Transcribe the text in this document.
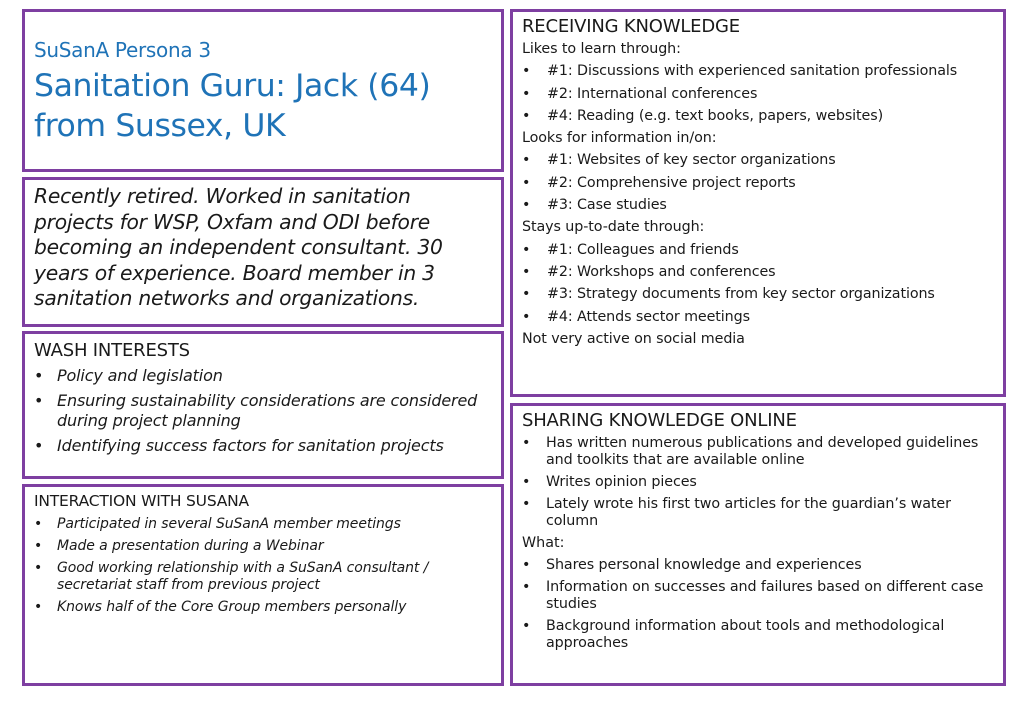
SuSanA Persona 3
Sanitation Guru: Jack (64)
from Sussex, UK
Recently retired. Worked in sanitation
projects for WSP, Oxfam and ODI before
becoming an independent consultant. 30
years of experience. Board member in 3
sanitation networks and organizations.
WASH INTERESTS
• Policy and legislation
• Ensuring sustainability considerations are considered during project planning
• Identifying success factors for sanitation projects
INTERACTION WITH SUSANA
• Participated in several SuSanA member meetings
• Made a presentation during a Webinar
• Good working relationship with a SuSanA consultant / secretariat staff from previous project
• Knows half of the Core Group members personally
RECEIVING KNOWLEDGE
Likes to learn through:
• #1: Discussions with experienced sanitation professionals
• #2: International conferences
• #4: Reading (e.g. text books, papers, websites)
Looks for information in/on:
• #1: Websites of key sector organizations
• #2: Comprehensive project reports
• #3: Case studies
Stays up-to-date through:
• #1: Colleagues and friends
• #2: Workshops and conferences
• #3: Strategy documents from key sector organizations
• #4: Attends sector meetings
Not very active on social media
SHARING KNOWLEDGE ONLINE
• Has written numerous publications and developed guidelines and toolkits that are available online
• Writes opinion pieces
• Lately wrote his first two articles for the guardian’s water column
What:
• Shares personal knowledge and experiences
• Information on successes and failures based on different case studies
• Background information about tools and methodological approaches
